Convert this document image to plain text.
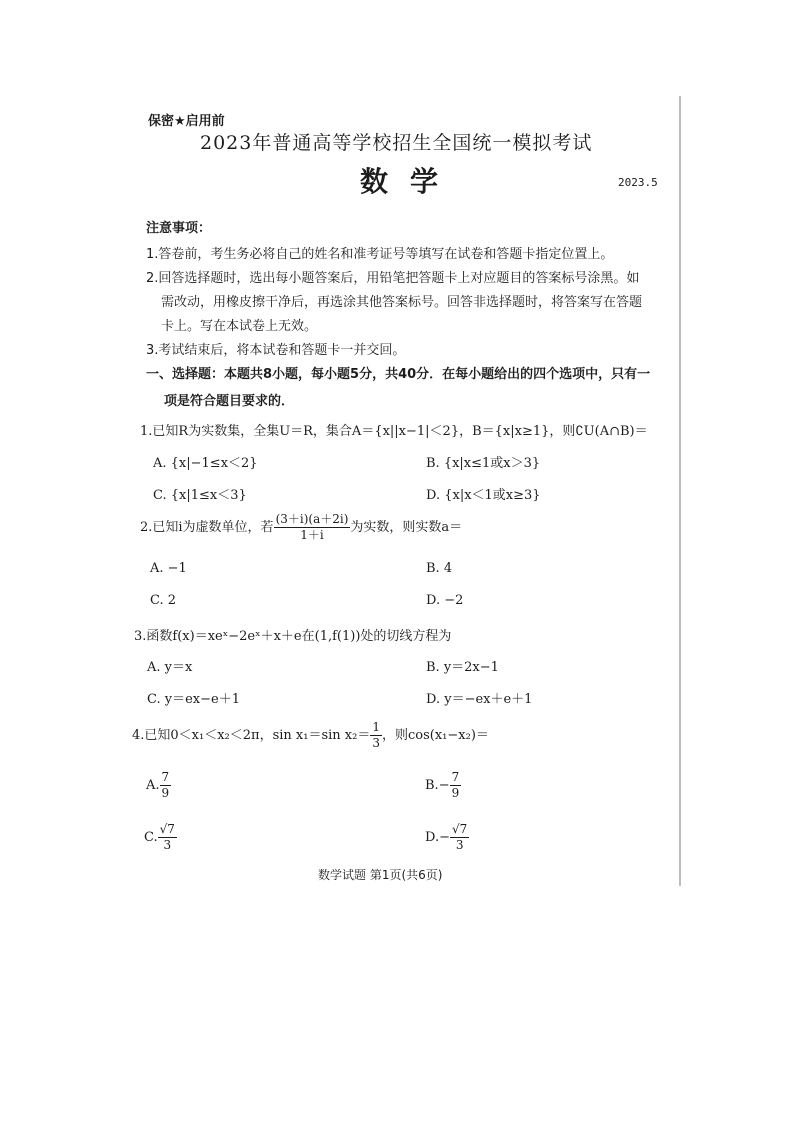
保密★启用前
2023年普通高等学校招生全国统一模拟考试
数学	2023.5
注意事项：
1.答卷前，考生务必将自己的姓名和准考证号等填写在试卷和答题卡指定位置上。
2.回答选择题时，选出每小题答案后，用铅笔把答题卡上对应题目的答案标号涂黑。如
需改动，用橡皮擦干净后，再选涂其他答案标号。回答非选择题时，将答案写在答题
卡上。写在本试卷上无效。
3.考试结束后，将本试卷和答题卡一并交回。
一、选择题：本题共8小题，每小题5分，共40分．在每小题给出的四个选项中，只有一
项是符合题目要求的．
1.已知R为实数集，全集U＝R，集合A＝{x||x−1|＜2}，B＝{x|x≥1}，则∁U(A∩B)＝
A. {x|−1≤x＜2}	B. {x|x≤1或x＞3}
C. {x|1≤x＜3}	D. {x|x＜1或x≥3}
2.已知i为虚数单位，若 $\frac{(3+i)(a+2i)}{1+i}$ 为实数，则实数a＝
A. −1	B. 4
C. 2	D. −2
3.函数f(x)＝xeˣ−2eˣ＋x＋e在(1,f(1))处的切线方程为
A. y＝x	B. y＝2x−1
C. y＝ex−e＋1	D. y＝−ex＋e＋1
4.已知0＜x₁＜x₂＜2π，sin x₁＝sin $x_2= \frac{1}{3}$ ，则cos(x₁−x₂)＝
A. $\frac{7}{9}$	$B.- \frac{7}{9}$
C. $\frac{√7}{3}$	$D.- \frac{√7}{3}$
数学试题 第1页(共6页)
